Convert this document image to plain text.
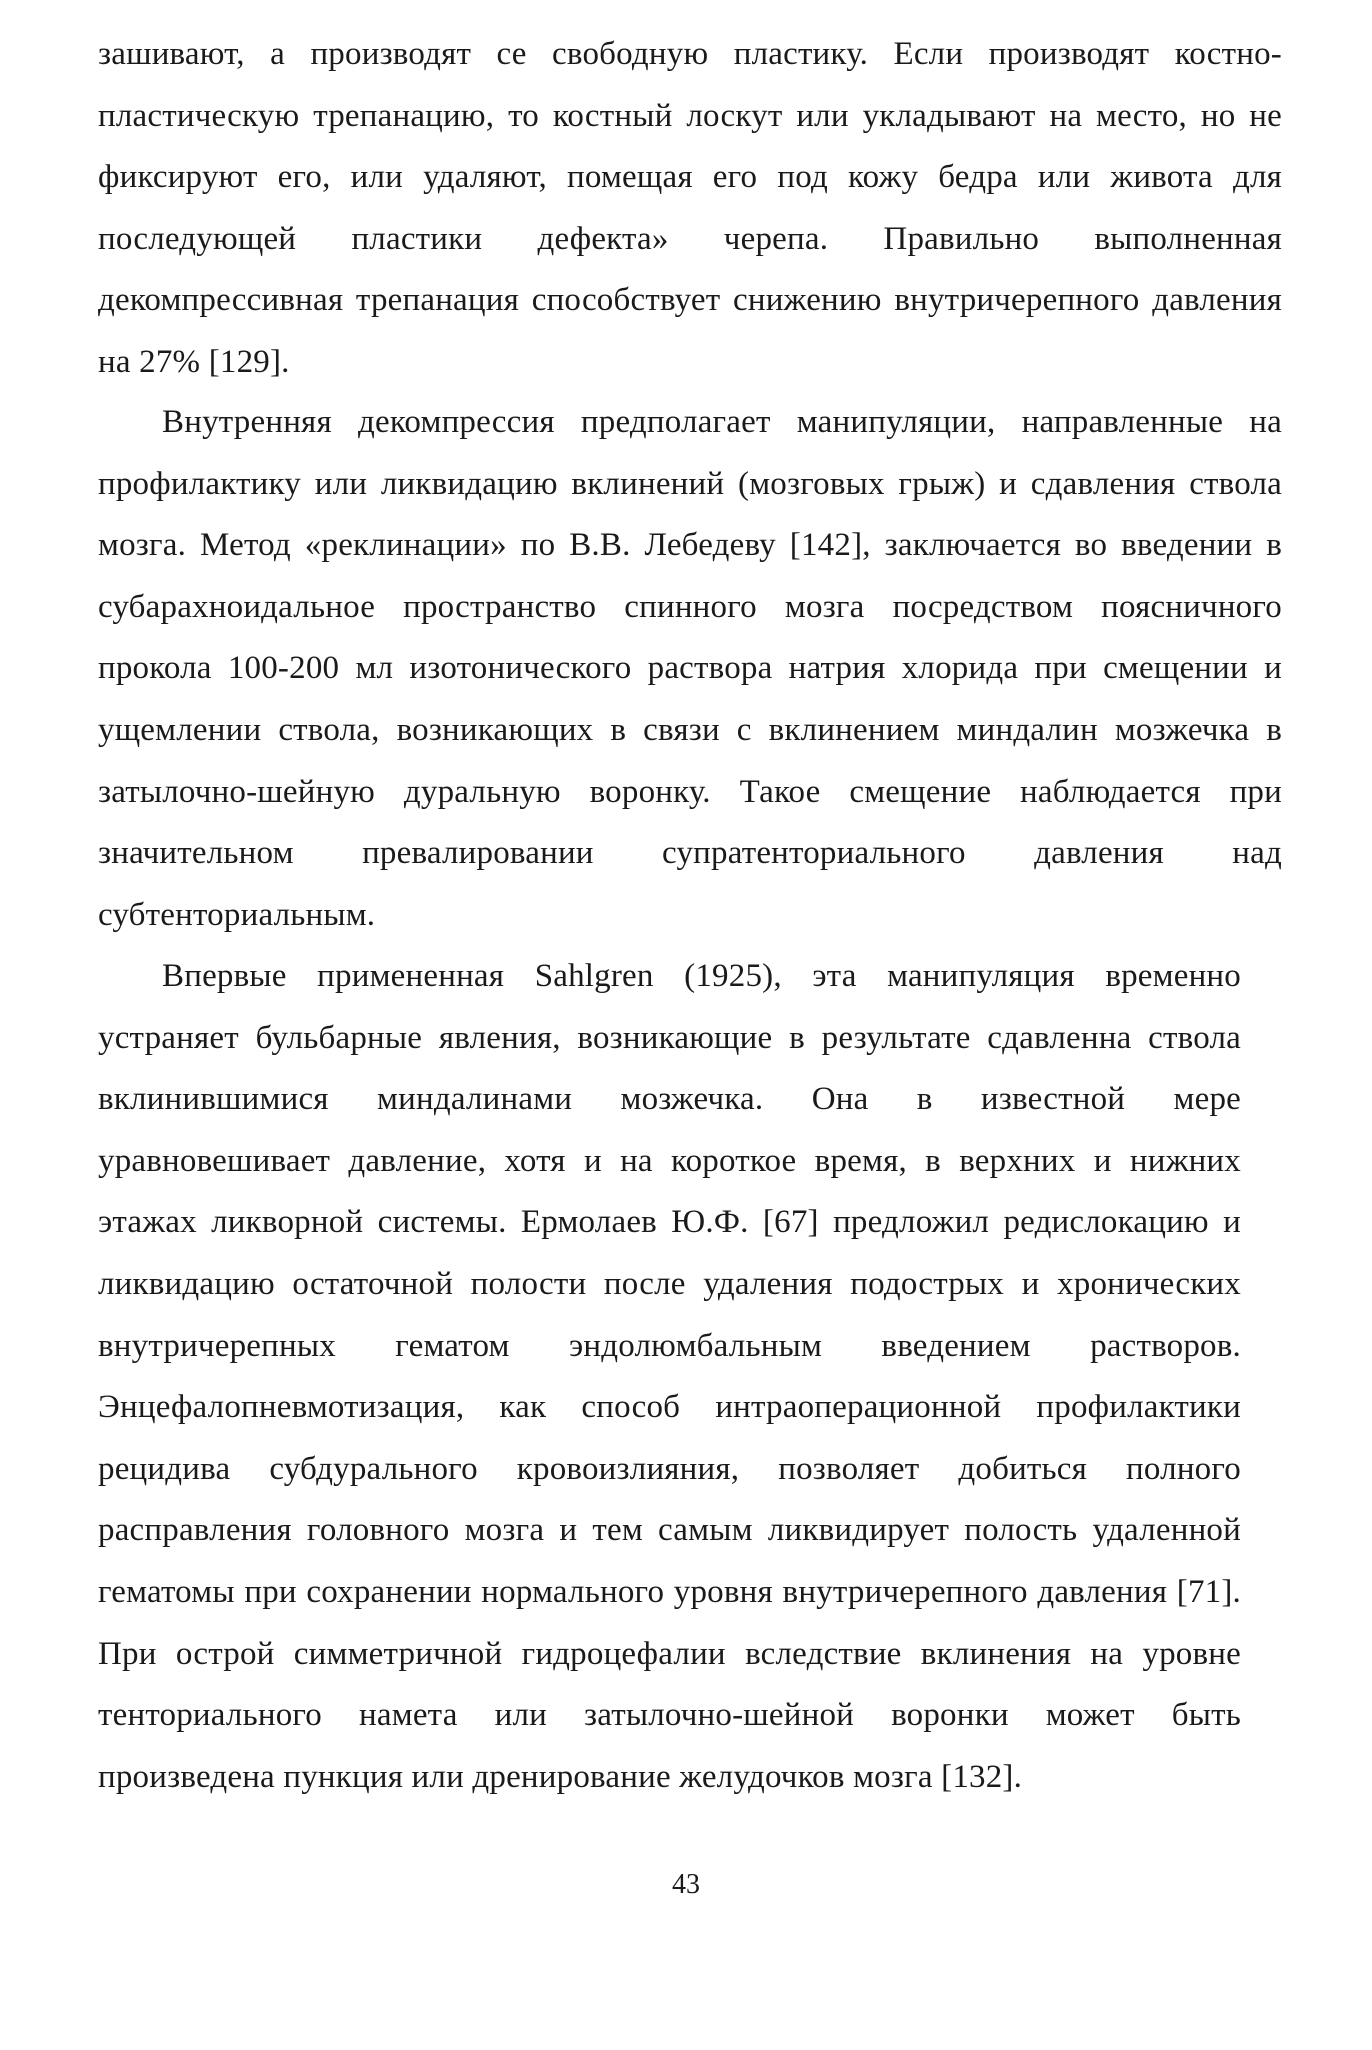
зашивают, а производят се свободную пластику. Если производят костно-пластическую трепанацию, то костный лоскут или укладывают на место, но не фиксируют его, или удаляют, помещая его под кожу бедра или живота для последующей пластики дефекта» черепа. Правильно выполненная декомпрессивная трепанация способствует снижению внутричерепного давления на 27% [129].

Внутренняя декомпрессия предполагает манипуляции, направленные на профилактику или ликвидацию вклинений (мозговых грыж) и сдавления ствола мозга. Метод «реклинации» по В.В. Лебедеву [142], заключается во введении в субарахноидальное пространство спинного мозга посредством поясничного прокола 100-200 мл изотонического раствора натрия хлорида при смещении и ущемлении ствола, возникающих в связи с вклинением миндалин мозжечка в затылочно-шейную дуральную воронку. Такое смещение наблюдается при значительном превалировании супратенториального давления над субтенториальным.

Впервые примененная Sahlgren (1925), эта манипуляция временно устраняет бульбарные явления, возникающие в результате сдавленна ствола вклинившимися миндалинами мозжечка. Она в известной мере уравновешивает давление, хотя и на короткое время, в верхних и нижних этажах ликворной системы. Ермолаев Ю.Ф. [67] предложил редислокацию и ликвидацию остаточной полости после удаления подострых и хронических внутричерепных гематом эндолюмбальным введением растворов. Энцефалопневмотизация, как способ интраоперационной профилактики рецидива субдурального кровоизлияния, позволяет добиться полного расправления головного мозга и тем самым ликвидирует полость удаленной гематомы при сохранении нормального уровня внутричерепного давления [71]. При острой симметричной гидроцефалии вследствие вклинения на уровне тенториального намета или затылочно-шейной воронки может быть произведена пункция или дренирование желудочков мозга [132].

43
